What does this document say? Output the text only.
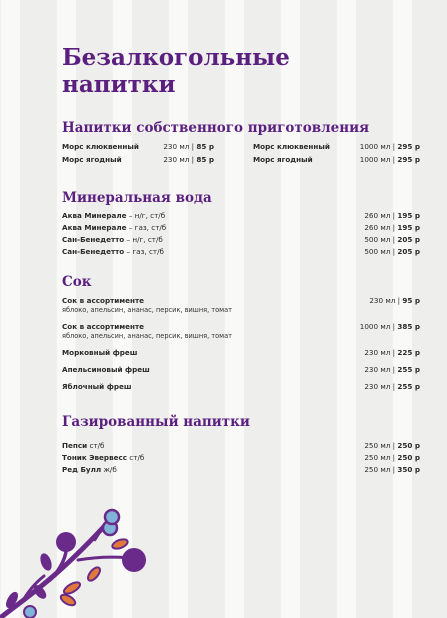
Безалкогольные
напитки
Напитки собственного приготовления
Морс клюквенный	230 мл | 85 р
Морс ягодный	230 мл | 85 р
Морс клюквенный	1000 мл | 295 р
Морс ягодный	1000 мл | 295 р
Минеральная вода
Аква Минерале – н/г, ст/б	260 мл | 195 р
Аква Минерале – газ, ст/б	260 мл | 195 р
Сан-Бенедетто – н/г, ст/б	500 мл | 205 р
Сан-Бенедетто – газ, ст/б	500 мл | 205 р
Сок
Сок в ассортименте
яблоко, апельсин, ананас, персик, вишня, томат
230 мл | 95 р
Сок в ассортименте
яблоко, апельсин, ананас, персик, вишня, томат
1000 мл | 385 р
Морковный фреш	230 мл | 225 р
Апельсиновый фреш	230 мл | 255 р
Яблочный фреш	230 мл | 255 р
Газированный напитки
Пепси ст/б	250 мл | 250 р
Тоник Эвервесс ст/б	250 мл | 250 р
Ред Булл ж/б	250 мл | 350 р
